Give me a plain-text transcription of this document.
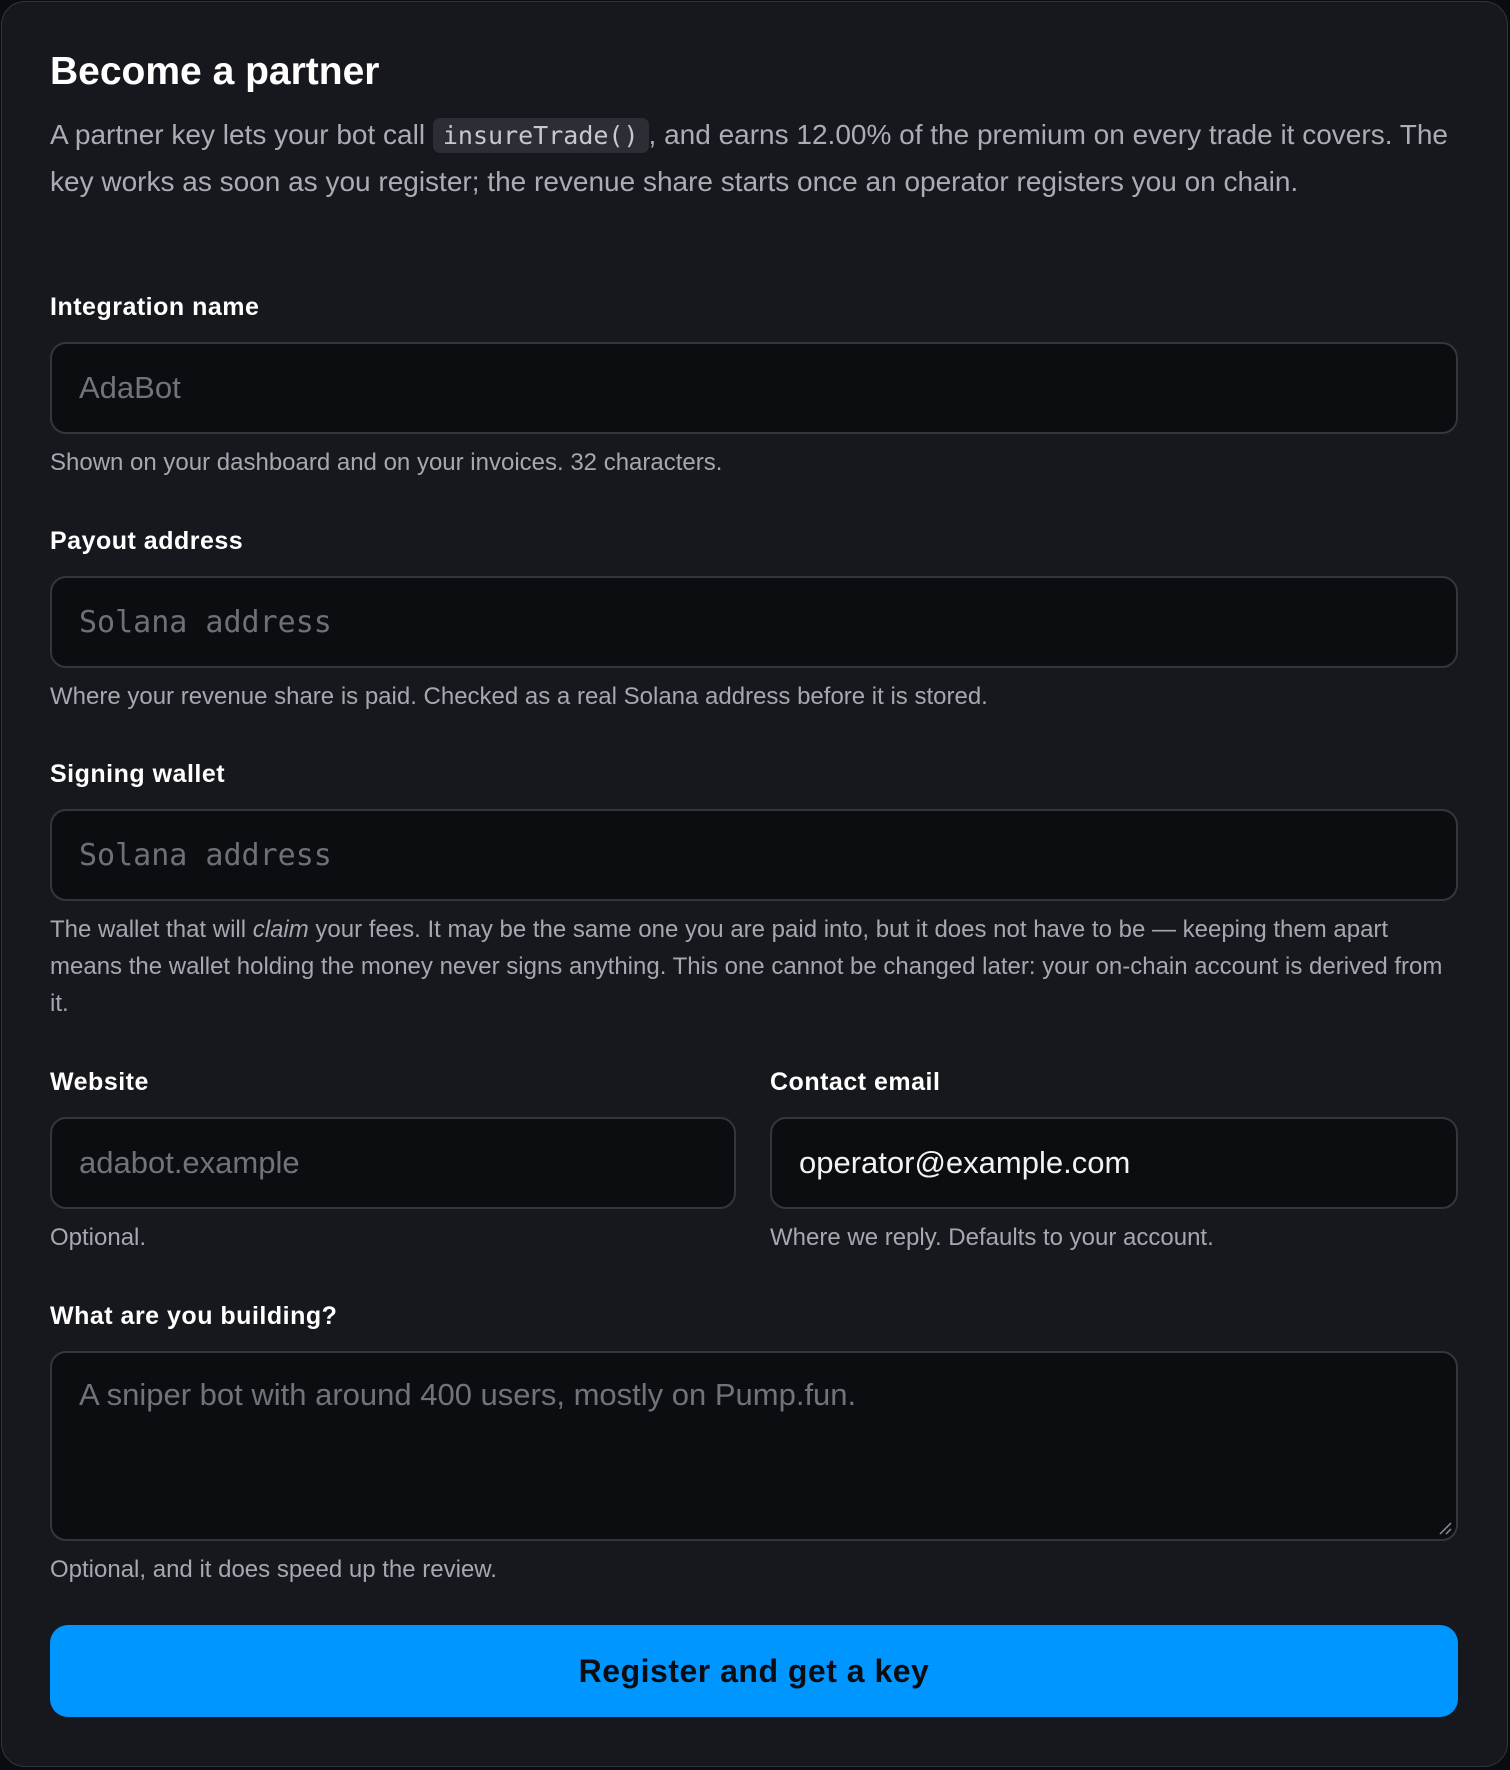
Become a partner

A partner key lets your bot call insureTrade() , and earns 12.00% of the premium on every trade it covers. The key works as soon as you register; the revenue share starts once an operator registers you on chain.

Integration name
AdaBot
Shown on your dashboard and on your invoices. 32 characters.
Payout address
Solana address
Where your revenue share is paid. Checked as a real Solana address before it is stored.
Signing wallet
Solana address
The wallet that will claim your fees. It may be the same one you are paid into, but it does not have to be — keeping them apart means the wallet holding the money never signs anything. This one cannot be changed later: your on-chain account is derived from it.
Website
adabot.example
Optional.
Contact email
operator@example.com
Where we reply. Defaults to your account.
What are you building?
A sniper bot with around 400 users, mostly on Pump.fun.
Optional, and it does speed up the review.
Register and get a key
